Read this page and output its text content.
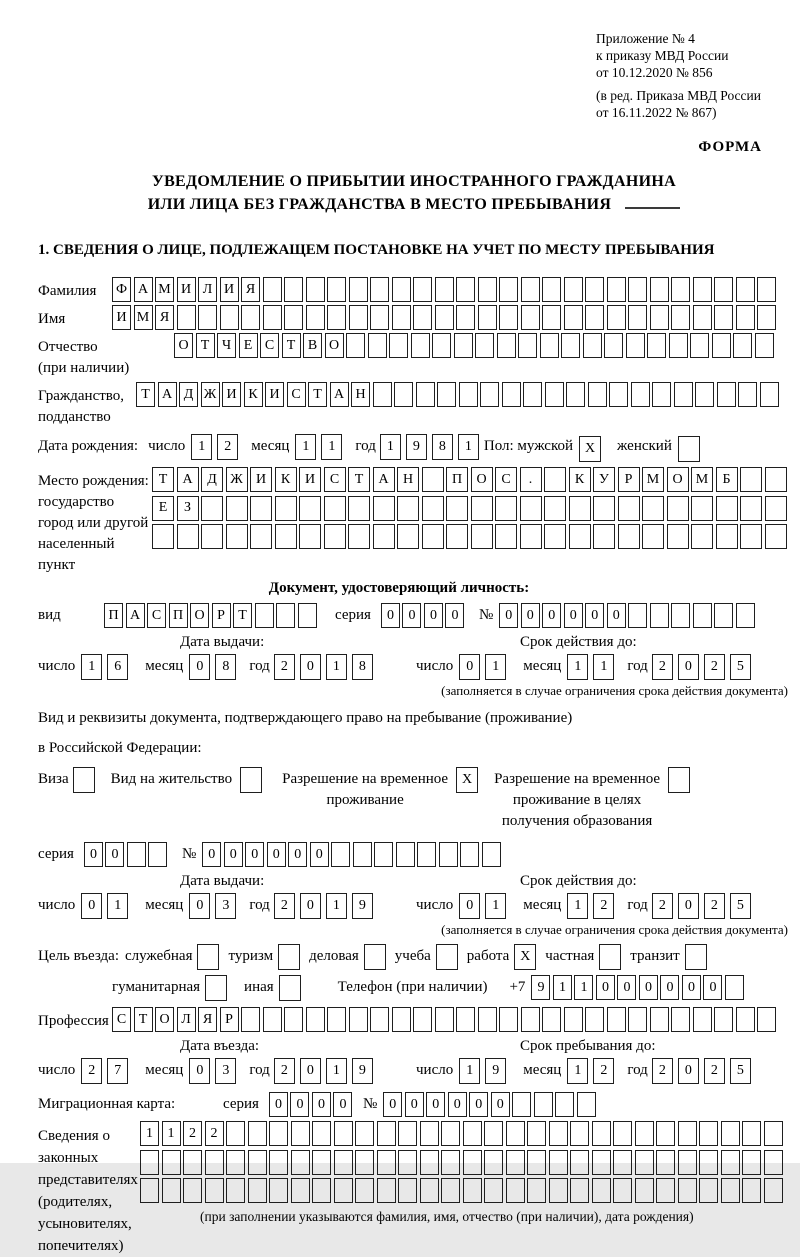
Приложение № 4
к приказу МВД России
от 10.12.2020 № 856
(в ред. Приказа МВД России
от 16.11.2022 № 867)
ФОРМА
УВЕДОМЛЕНИЕ О ПРИБЫТИИ ИНОСТРАННОГО ГРАЖДАНИНА
ИЛИ ЛИЦА БЕЗ ГРАЖДАНСТВА В МЕСТО ПРЕБЫВАНИЯ
1. СВЕДЕНИЯ О ЛИЦЕ, ПОДЛЕЖАЩЕМ ПОСТАНОВКЕ НА УЧЕТ ПО МЕСТУ ПРЕБЫВАНИЯ
Фамилия	Ф А М И Л И Я
Имя	И М Я
Отчество
(при наличии)
О Т Ч Е С Т В О
Гражданство,
подданство
Т А Д Ж И К И С Т А Н
Дата рождения: число 1	2	месяц 1	1	год 1	9	8	1 Пол: мужской X	женский
Место рождения:
государство
город или другой
населенный пункт
Т	А	Д Ж И	К	И	С	Т	А	Н	П	О	С	.	К	У	Р	М О М	Б
Е	З
Документ, удостоверяющий личность:
вид	П А С П О Р Т	серия	0	0	0	0	№ 0	0	0	0	0	0
Дата выдачи:
число 1	6	месяц 0	8	год 2	0	1	8
Срок действия до:
число 0	1	месяц 1	1	год 2	0	2	5
(заполняется в случае ограничения срока действия документа)
Вид и реквизиты документа, подтверждающего право на пребывание (проживание)
в Российской Федерации:
Виза	Вид на жительство	Разрешение на временное
проживание
X	Разрешение на временное
проживание в целях
получения образования
серия	0	0	№ 0	0	0	0	0	0
Дата выдачи:
число 0	1	месяц 0	3	год 2	0	1	9
Срок действия до:
число 0	1	месяц 1	2	год 2	0	2	5
(заполняется в случае ограничения срока действия документа)
Цель въезда: служебная туризм деловая учеба работа X частная транзит
гуманитарная	иная	Телефон (при наличии) +7 9	1	1	0	0	0	0	0	0
Профессия С Т О Л Я Р
Дата въезда:
число 2	7	месяц 0	3	год 2	0	1	9
Срок пребывания до:
число 1	9	месяц 1	2	год 2	0	2	5
Миграционная карта:	серия	0	0	0	0	№ 0	0	0	0	0	0
Сведения о
законных
представителях
(родителях,
усыновителях,
попечителях)
1	1	2	2
(при заполнении указываются фамилия, имя, отчество (при наличии), дата рождения)
